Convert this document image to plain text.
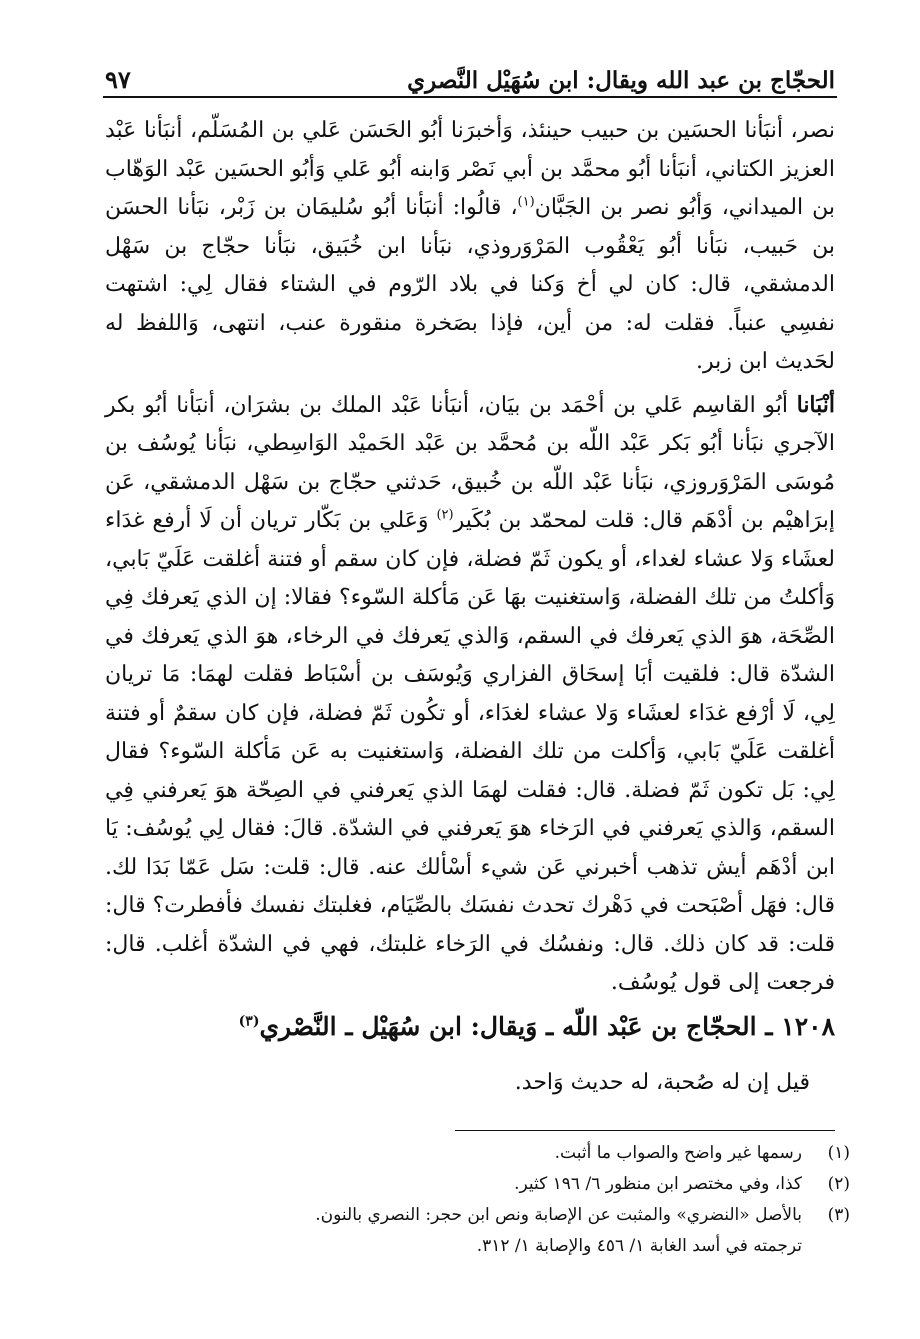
الحجّاج بن عبد الله ويقال: ابن سُهَيْل النَّصري
٩٧

نصر، أنبَأنا الحسَين بن حبيب حينئذ، وَأخبرَنا أبُو الحَسَن عَلي بن المُسَلّم، أنبَأنا عَبْد العزيز الكتاني، أنبَأنا أبُو محمَّد بن أبي نَصْر وَابنه أبُو عَلي وَأبُو الحسَين عَبْد الوَهّاب بن الميداني، وَأبُو نصر بن الجَبَّان$^{(١)}$، قالُوا: أنبَأنا أبُو سُليمَان بن زَبْر، نبَأنا الحسَن بن حَبيب، نبَأنا أبُو يَعْقُوب المَرْوَروذي، نبَأنا ابن خُبَيق، نبَأنا حجّاج بن سَهْل الدمشقي، قال: كان لي أخ وَكنا في بلاد الرّوم في الشتاء فقال لِي: اشتهت نفسِي عنباً. فقلت له: من أين، فإذا بصَخرة منقورة عنب، انتهى، وَاللفظ له لحَديث ابن زبر.

أنْبَانا أبُو القاسِم عَلي بن أحْمَد بن بيَان، أنبَأنا عَبْد الملك بن بشرَان، أنبَأنا أبُو بكر الآجري نبَأنا أبُو بَكر عَبْد اللّه بن مُحمَّد بن عَبْد الحَميْد الوَاسِطي، نبَأنا يُوسُف بن مُوسَى المَرْوَروزي، نبَأنا عَبْد اللّه بن خُبيق، حَدثني حجّاج بن سَهْل الدمشقي، عَن إبرَاهيْم بن أدْهَم قال: قلت لمحمّد بن بُكَير$^{(٢)}$ وَعَلي بن بَكّار تريان أن لَا أرفع غدَاء لعشَاء وَلا عشاء لغداء، أو يكون ثَمّ فضلة، فإن كان سقم أو فتنة أغلقت عَلَيّ بَابي، وَأكلتُ من تلك الفضلة، وَاستغنيت بهَا عَن مَأكلة السّوء؟ فقالا: إن الذي يَعرفك فِي الصِّحَة، هوَ الذي يَعرفك في السقم، وَالذي يَعرفك في الرخاء، هوَ الذي يَعرفك في الشدّة قال: فلقيت أبَا إسحَاق الفزاري وَيُوسَف بن أسْبَاط فقلت لهمَا: مَا تريان لِي، لَا أرْفع غدَاء لعشَاء وَلا عشاء لغدَاء، أو تكُون ثَمّ فضلة، فإن كان سقمٌ أو فتنة أغلقت عَلَيّ بَابي، وَأكلت من تلك الفضلة، وَاستغنيت به عَن مَأكلة السّوء؟ فقال لِي: بَل تكون ثَمّ فضلة. قال: فقلت لهمَا الذي يَعرفني في الصِحّة هوَ يَعرفني فِي السقم، وَالذي يَعرفني في الرَخاء هوَ يَعرفني في الشدّة. قالَ: فقال لِي يُوسُف: يَا ابن أدْهَم أيش تذهب أخبرني عَن شيء أسْألك عنه. قال: قلت: سَل عَمّا بَدَا لك. قال: فهَل أصْبَحت في دَهْرك تحدث نفسَك بالصِّيَام، فغلبتك نفسك فأفطرت؟ قال: قلت: قد كان ذلك. قال: ونفسُك في الرَخاء غلبتك، فهي في الشدّة أغلب. قال: فرجعت إلى قول يُوسُف.

١٢٠٨ ـ الحجّاج بن عَبْد اللّه ـ وَيقال: ابن سُهَيْل ـ النَّصْري$^{(٣)}$

قيل إن له صُحبة، له حديث وَاحد.

(١)
رسمها غير واضح والصواب ما أثبت.
(٢)
كذا، وفي مختصر ابن منظور ٦/ ١٩٦ كثير.
(٣)
بالأصل «النضري» والمثبت عن الإصابة ونص ابن حجر: النصري بالنون.
ترجمته في أسد الغابة ١/ ٤٥٦ والإصابة ١/ ٣١٢.
